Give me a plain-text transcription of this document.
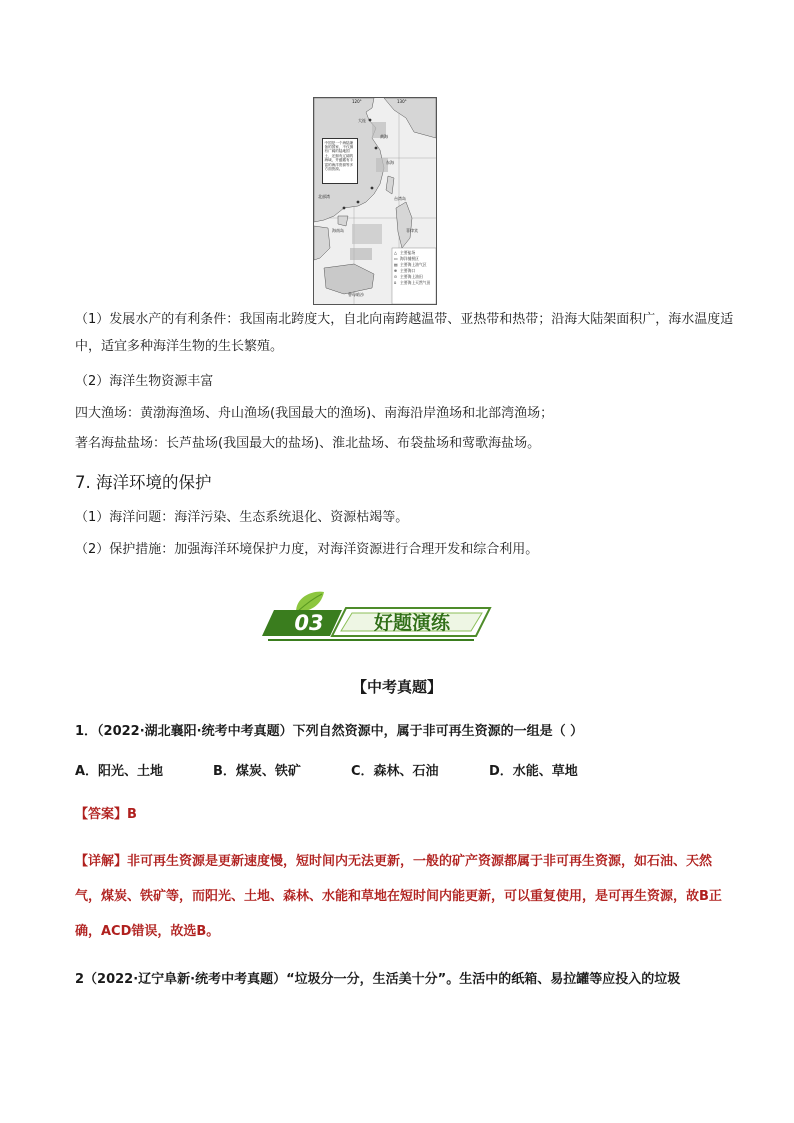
120°	130°
大连
黄海
东海
北部湾
海南岛
台湾岛
菲律宾
中国是一个海陆兼备的国家，不仅拥有广阔的陆地国土，还拥有辽阔的海域，并蕴藏有丰富的海洋资源等多方面资源。
曾母暗沙
△ 主要盐场
▭ 海洋捕捞区
▤ 主要海上油气区
⊕ 主要海口
⊙ 主要海上油田
δ 主要海上天然气田

（1）发展水产的有利条件：我国南北跨度大，自北向南跨越温带、亚热带和热带；沿海大陆架面积广，海水温度适中，适宜多种海洋生物的生长繁殖。

（2）海洋生物资源丰富

四大渔场：黄渤海渔场、舟山渔场(我国最大的渔场)、南海沿岸渔场和北部湾渔场；

著名海盐盐场：长芦盐场(我国最大的盐场)、淮北盐场、布袋盐场和莺歌海盐场。

7. 海洋环境的保护

（1）海洋问题：海洋污染、生态系统退化、资源枯竭等。

（2）保护措施：加强海洋环境保护力度，对海洋资源进行合理开发和综合利用。

03	好题演练
【中考真题】

1．（2022·湖北襄阳·统考中考真题）下列自然资源中，属于非可再生资源的一组是（ ）

A．阳光、土地	B．煤炭、铁矿	C．森林、石油	D．水能、草地

【答案】B

【详解】非可再生资源是更新速度慢，短时间内无法更新，一般的矿产资源都属于非可再生资源，如石油、天然气，煤炭、铁矿等，而阳光、土地、森林、水能和草地在短时间内能更新，可以重复使用，是可再生资源，故B正确，ACD错误，故选B。

2（2022·辽宁阜新·统考中考真题）“垃圾分一分，生活美十分”。生活中的纸箱、易拉罐等应投入的垃圾
